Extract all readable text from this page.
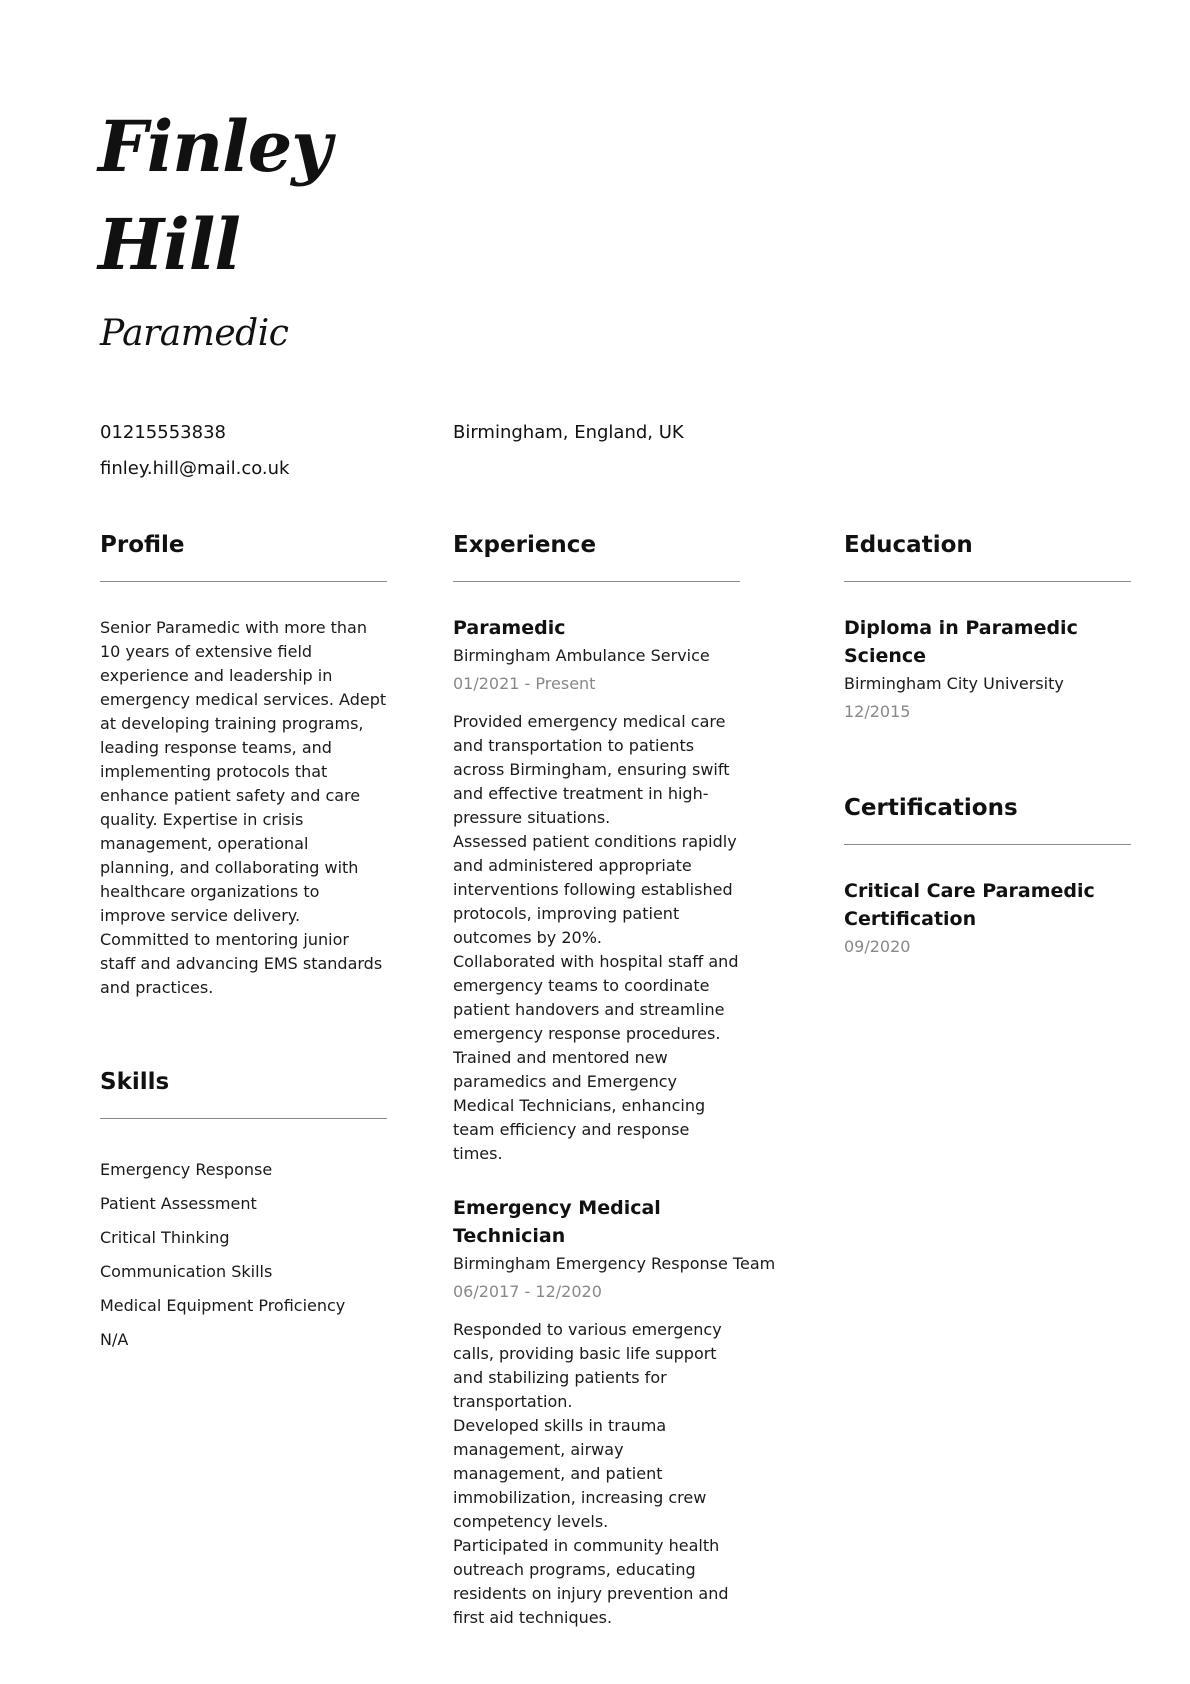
Finley
Hill
Paramedic
01215553838
finley.hill@mail.co.uk
Birmingham, England, UK
Profile
Senior Paramedic with more than 10 years of extensive field experience and leadership in emergency medical services. Adept at developing training programs, leading response teams, and implementing protocols that enhance patient safety and care quality. Expertise in crisis management, operational planning, and collaborating with healthcare organizations to improve service delivery. Committed to mentoring junior staff and advancing EMS standards and practices.
Skills
Emergency Response
Patient Assessment
Critical Thinking
Communication Skills
Medical Equipment Proficiency
N/A
Experience
Paramedic
Birmingham Ambulance Service
01/2021 - Present
Provided emergency medical care and transportation to patients across Birmingham, ensuring swift and effective treatment in high-pressure situations.
Assessed patient conditions rapidly and administered appropriate interventions following established protocols, improving patient outcomes by 20%.
Collaborated with hospital staff and emergency teams to coordinate patient handovers and streamline emergency response procedures.
Trained and mentored new paramedics and Emergency Medical Technicians, enhancing team efficiency and response times.
Emergency Medical Technician
Birmingham Emergency Response Team
06/2017 - 12/2020
Responded to various emergency calls, providing basic life support and stabilizing patients for transportation.
Developed skills in trauma management, airway management, and patient immobilization, increasing crew competency levels.
Participated in community health outreach programs, educating residents on injury prevention and first aid techniques.
Education
Diploma in Paramedic Science
Birmingham City University
12/2015
Certifications
Critical Care Paramedic Certification
09/2020
